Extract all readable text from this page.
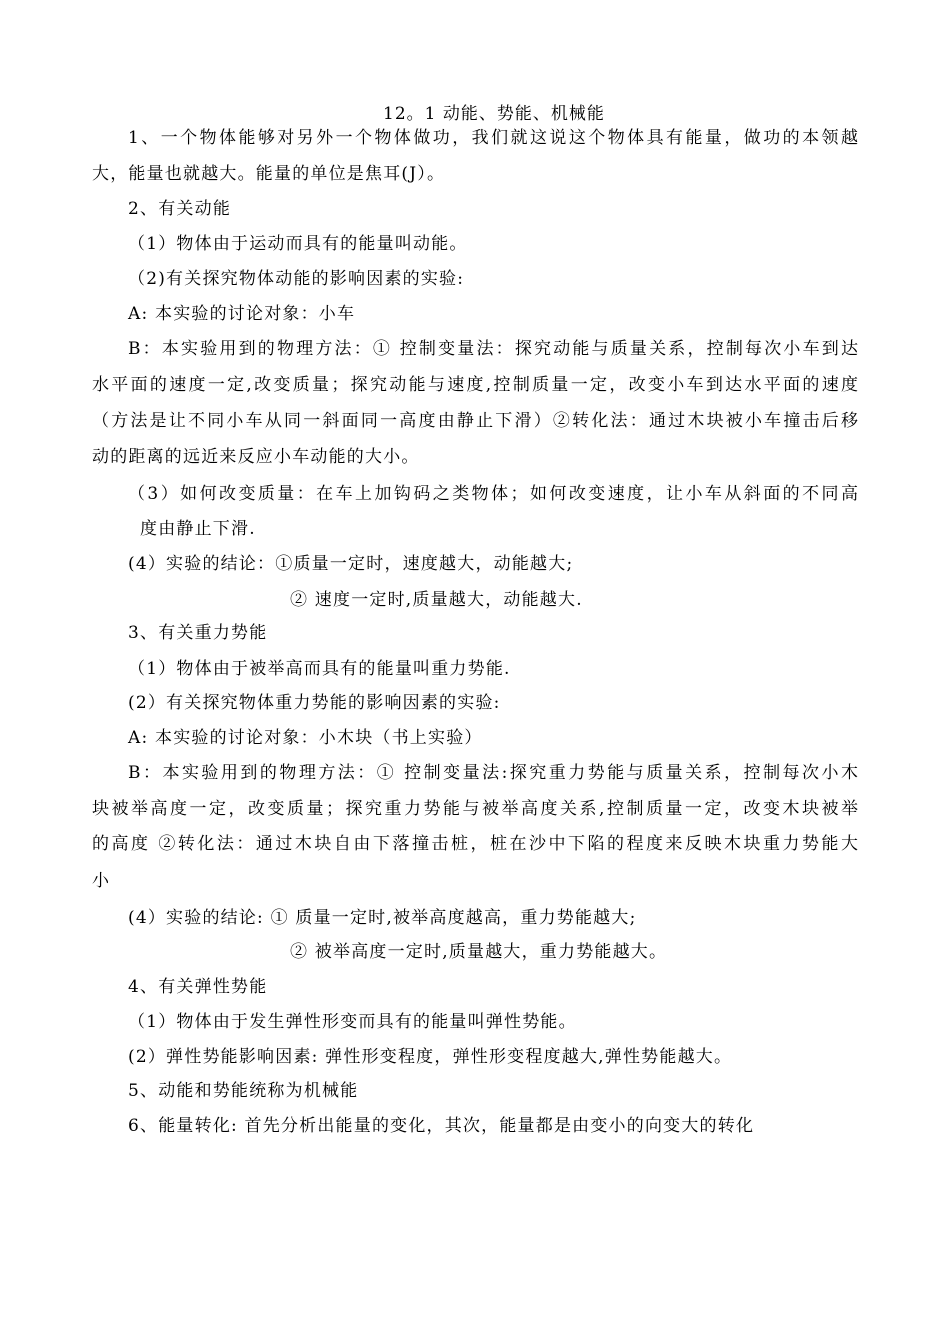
12。1 动能、势能、机械能
1、一个物体能够对另外一个物体做功，我们就这说这个物体具有能量，做功的本领越
大，能量也就越大。能量的单位是焦耳(J）。
2、有关动能
（1）物体由于运动而具有的能量叫动能。
（2)有关探究物体动能的影响因素的实验:
A: 本实验的讨论对象：小车
B：本实验用到的物理方法：① 控制变量法：探究动能与质量关系，控制每次小车到达
水平面的速度一定,改变质量；探究动能与速度,控制质量一定，改变小车到达水平面的速度
（方法是让不同小车从同一斜面同一高度由静止下滑）②转化法：通过木块被小车撞击后移
动的距离的远近来反应小车动能的大小。
（3）如何改变质量：在车上加钩码之类物体；如何改变速度，让小车从斜面的不同高
度由静止下滑.
(4）实验的结论：①质量一定时，速度越大，动能越大;
② 速度一定时,质量越大，动能越大.
3、有关重力势能
（1）物体由于被举高而具有的能量叫重力势能.
(2）有关探究物体重力势能的影响因素的实验:
A: 本实验的讨论对象：小木块（书上实验）
B：本实验用到的物理方法：① 控制变量法:探究重力势能与质量关系，控制每次小木
块被举高度一定，改变质量；探究重力势能与被举高度关系,控制质量一定，改变木块被举
的高度 ②转化法：通过木块自由下落撞击桩，桩在沙中下陷的程度来反映木块重力势能大
小
(4）实验的结论: ① 质量一定时,被举高度越高，重力势能越大;
② 被举高度一定时,质量越大，重力势能越大。
4、有关弹性势能
（1）物体由于发生弹性形变而具有的能量叫弹性势能。
(2）弹性势能影响因素: 弹性形变程度，弹性形变程度越大,弹性势能越大。
5、动能和势能统称为机械能
6、能量转化: 首先分析出能量的变化，其次，能量都是由变小的向变大的转化
